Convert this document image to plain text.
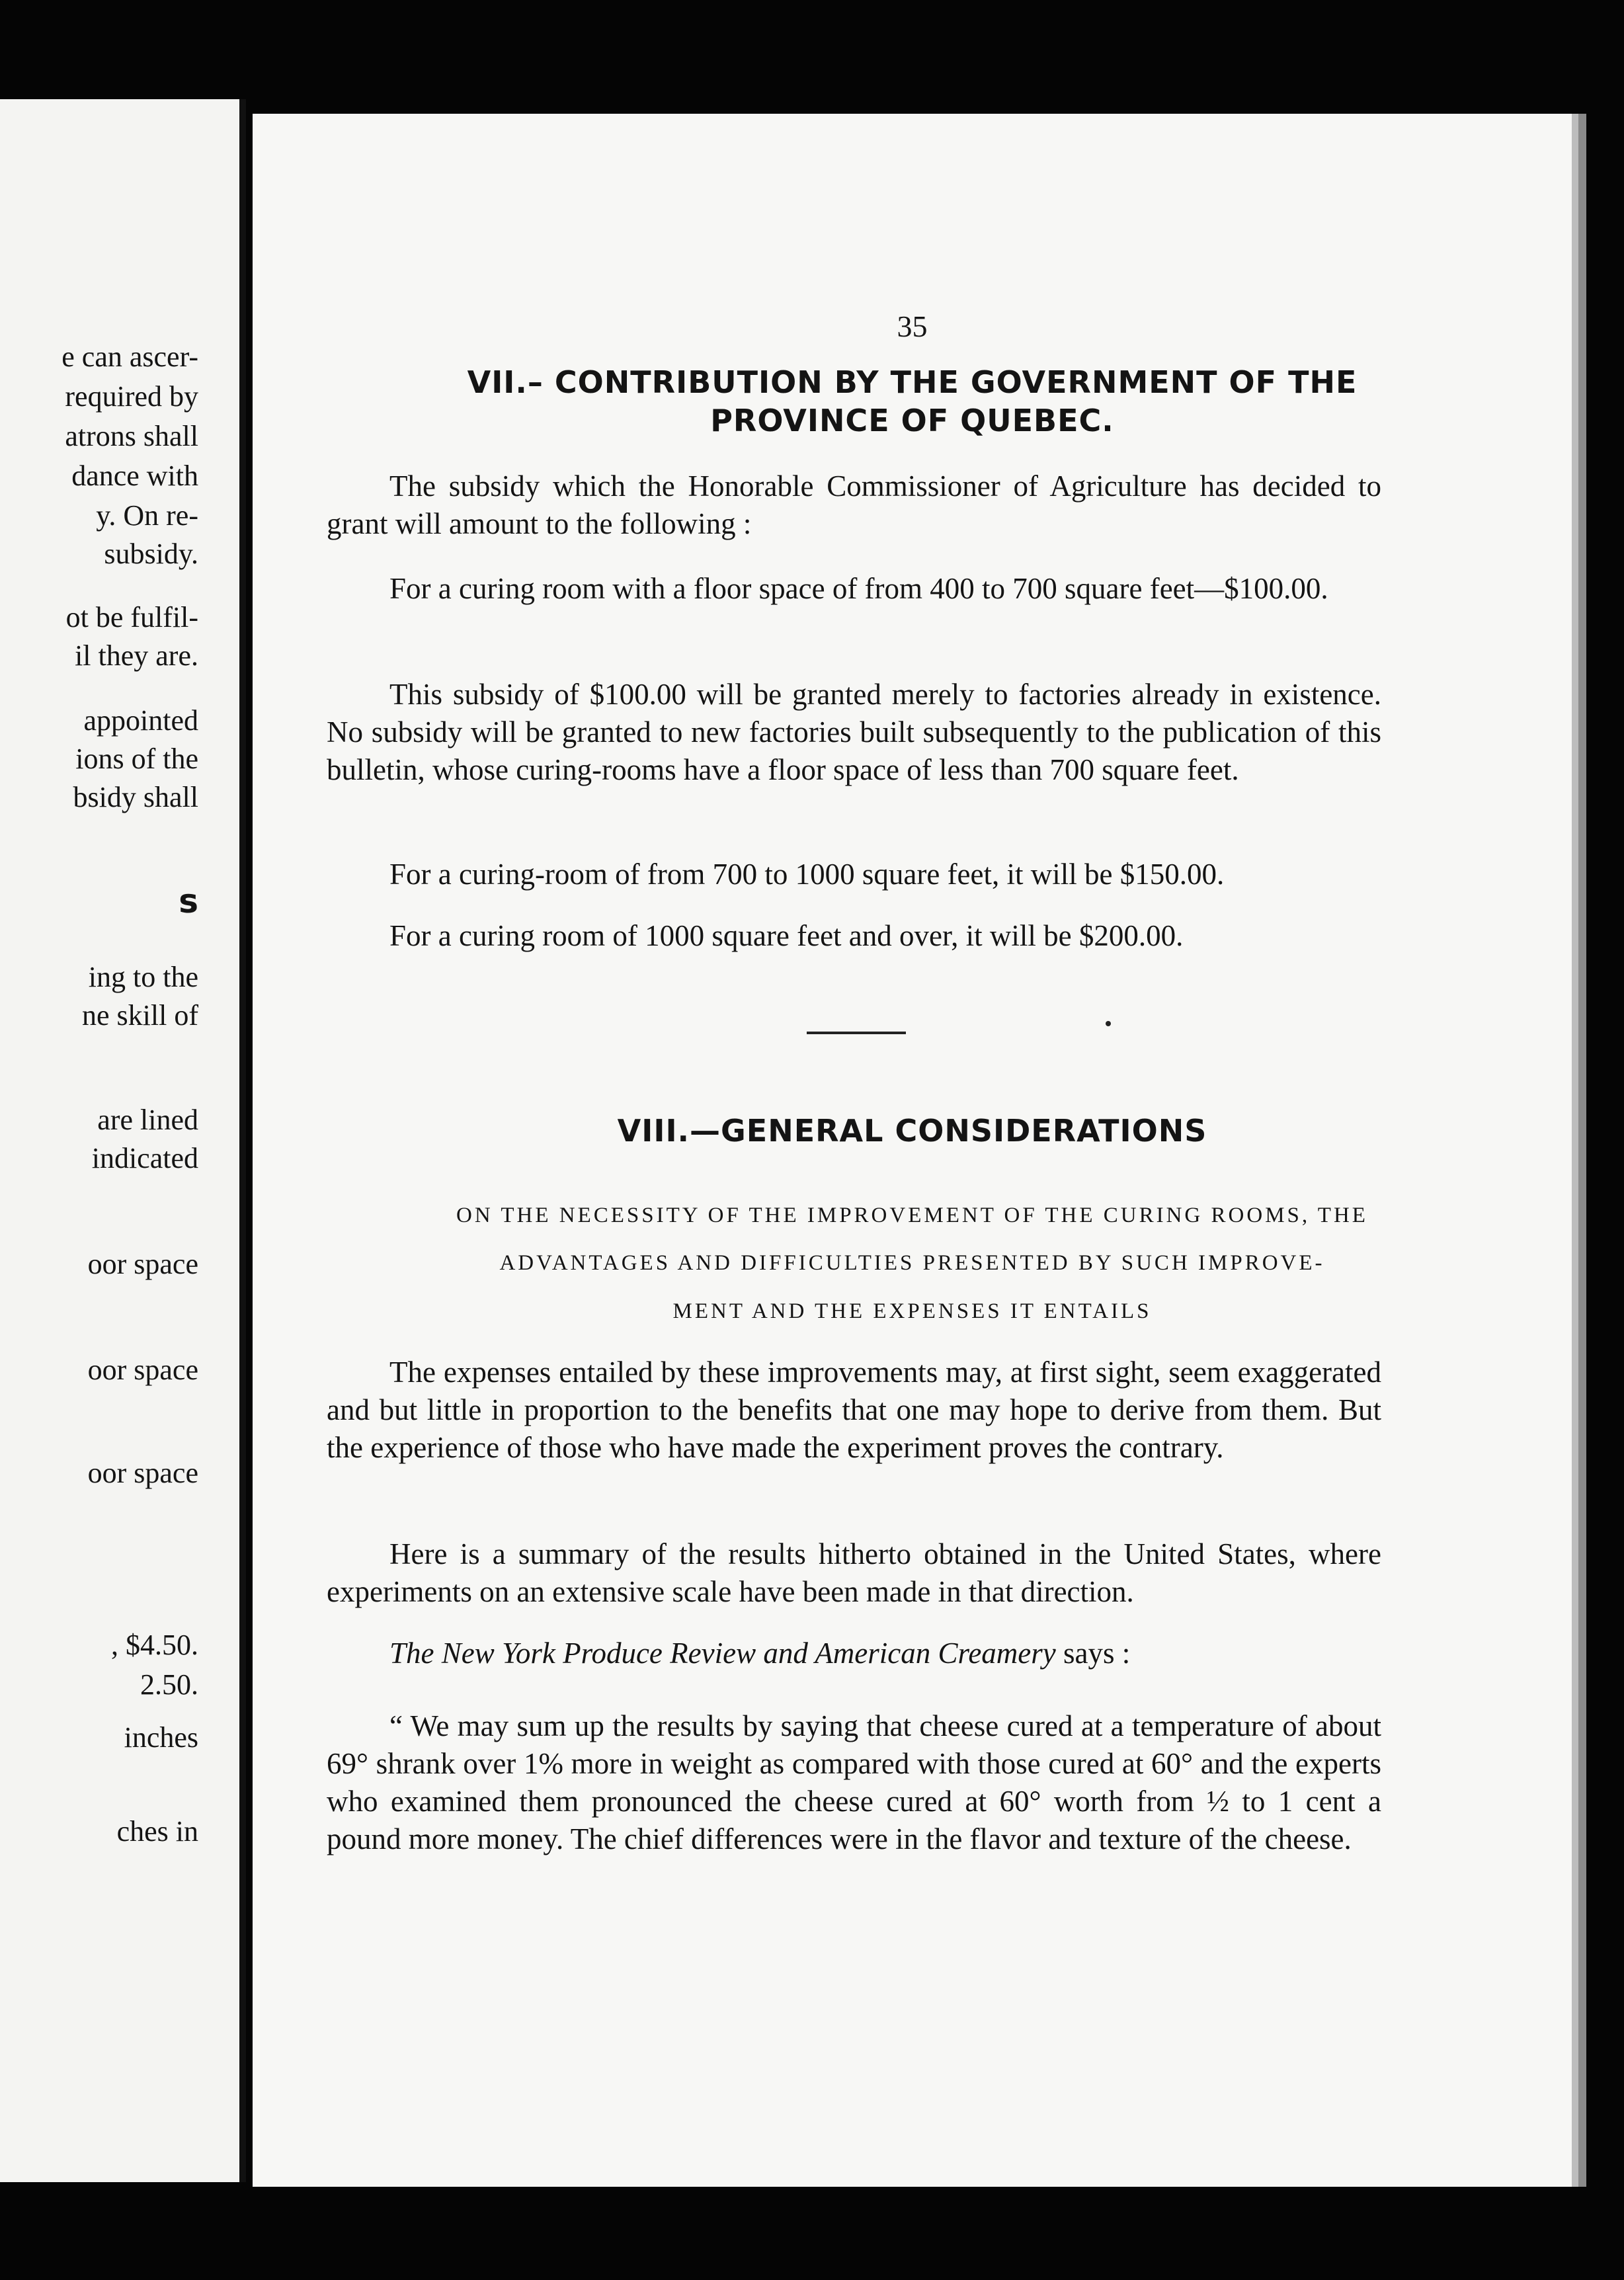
e can ascer-
required by
atrons shall
dance with
y. On re-
subsidy.
ot be fulfil-
il they are.
appointed
ions of the
bsidy shall
s
ing to the
ne skill of
are lined
indicated
oor space
oor space
oor space
, $4.50.
2.50.
inches
ches in
35
VII.– CONTRIBUTION BY THE GOVERNMENT OF THE
PROVINCE OF QUEBEC.
The subsidy which the Honorable Commissioner of Agriculture has decided to grant will amount to the following :
For a curing room with a floor space of from 400 to 700 square feet—$100.00.
This subsidy of $100.00 will be granted merely to factories already in existence. No subsidy will be granted to new factories built subsequently to the publication of this bulletin, whose curing-rooms have a floor space of less than 700 square feet.
For a curing-room of from 700 to 1000 square feet, it will be $150.00.
For a curing room of 1000 square feet and over, it will be $200.00.
VIII.—GENERAL CONSIDERATIONS
ON THE NECESSITY OF THE IMPROVEMENT OF THE CURING ROOMS, THE
ADVANTAGES AND DIFFICULTIES PRESENTED BY SUCH IMPROVE-
MENT AND THE EXPENSES IT ENTAILS
The expenses entailed by these improvements may, at first sight, seem exaggerated and but little in proportion to the benefits that one may hope to derive from them. But the experience of those who have made the experiment proves the contrary.
Here is a summary of the results hitherto obtained in the United States, where experiments on an extensive scale have been made in that direction.
The New York Produce Review and American Creamery says :
“ We may sum up the results by saying that cheese cured at a temperature of about 69° shrank over 1% more in weight as compared with those cured at 60° and the experts who examined them pronounced the cheese cured at 60° worth from ½ to 1 cent a pound more money. The chief differences were in the flavor and texture of the cheese.
